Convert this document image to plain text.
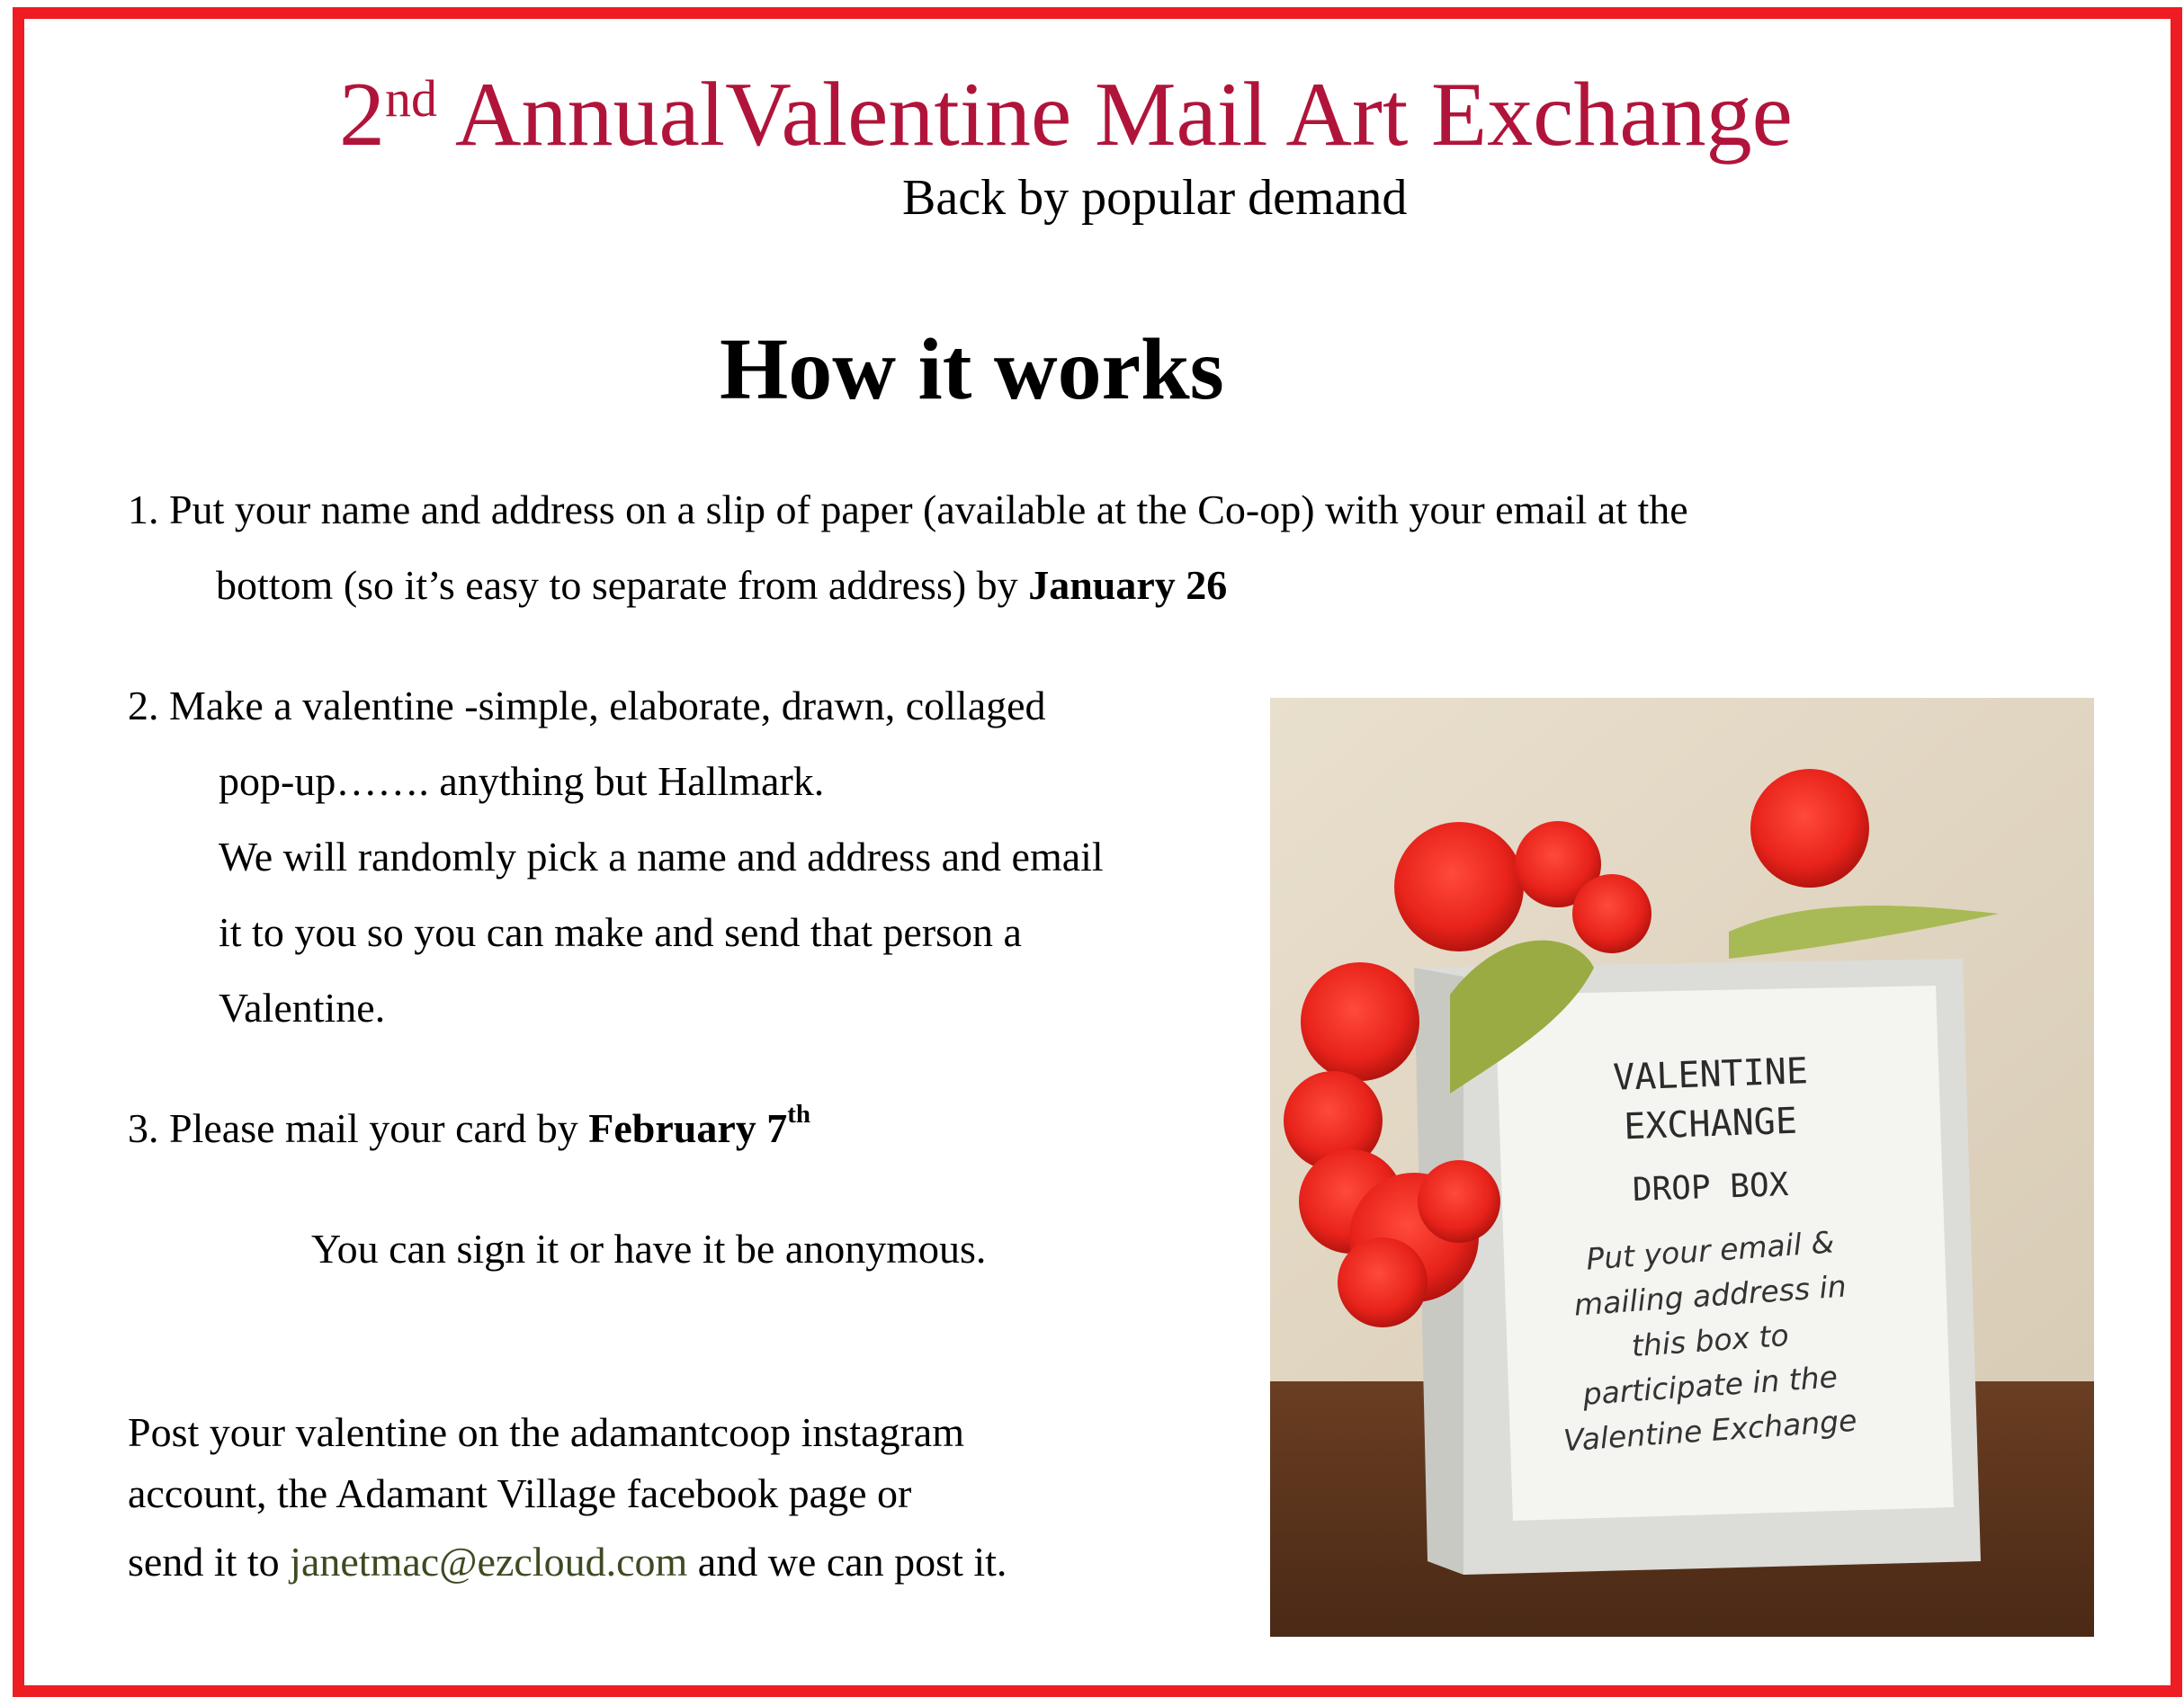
2nd AnnualValentine Mail Art Exchange
Back by popular demand
How it works
1. Put your name and address on a slip of paper (available at the Co-op) with your email at the
bottom (so it’s easy to separate from address) by January 26
2. Make a valentine -simple, elaborate, drawn, collaged
pop-up……. anything but Hallmark.
We will randomly pick a name and address and email
it to you so you can make and send that person a
Valentine.
3. Please mail your card by February 7th
You can sign it or have it be anonymous.
Post your valentine on the adamantcoop instagram
account, the Adamant Village facebook page or
send it to janetmac@ezcloud.com and we can post it.
VALENTINE
EXCHANGE
DROP BOX
Put your email &
mailing address in
this box to
participate in the
Valentine Exchange
